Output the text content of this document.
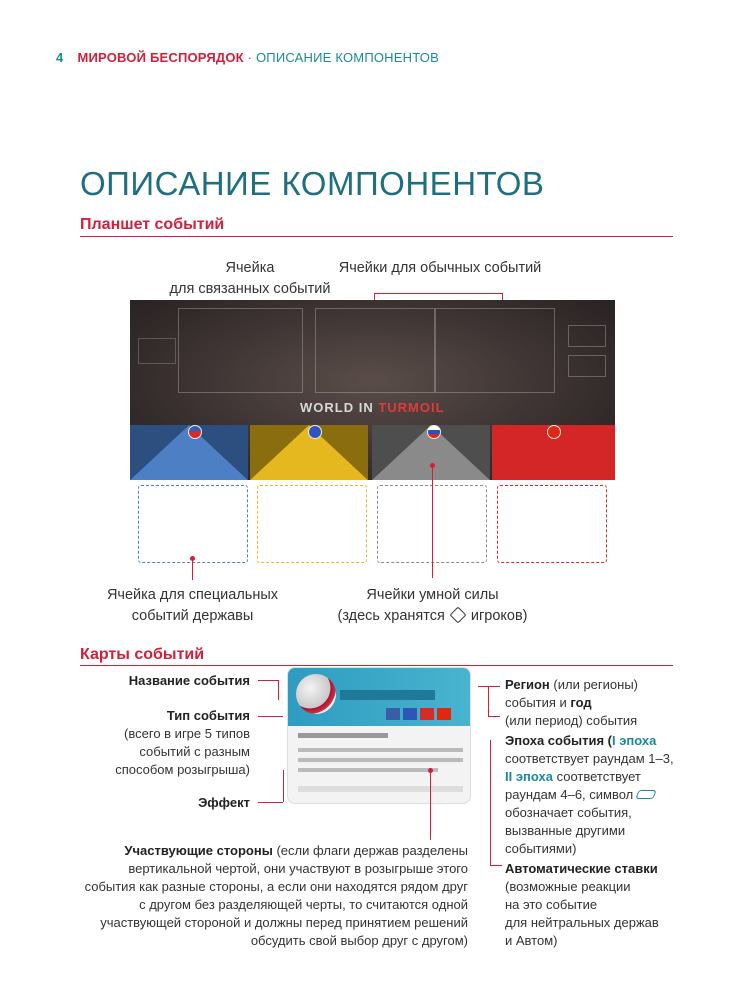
4 МИРОВОЙ БЕСПОРЯДОК · ОПИСАНИЕ КОМПОНЕНТОВ
ОПИСАНИЕ КОМПОНЕНТОВ
Планшет событий
Ячейка
для связанных событий
Ячейки для обычных событий
WORLD IN TURMOIL
Ячейка для специальных
событий державы
Ячейки умной силы
(здесь хранятся  игроков)
Карты событий
Название события
Тип события
(всего в игре 5 типов
событий с разным
способом розыгрыша)
Эффект
Участвующие стороны (если флаги держав разделены
вертикальной чертой, они участвуют в розыгрыше этого
события как разные стороны, а если они находятся рядом друг
с другом без разделяющей черты, то считаются одной
участвующей стороной и должны перед принятием решений
обсудить свой выбор друг с другом)
Регион (или регионы)
события и год
(или период) события
Эпоха события (I эпоха
соответствует раундам 1–3,
II эпоха соответствует
раундам 4–6, символ
обозначает события,
вызванные другими
событиями)
Автоматические ставки
(возможные реакции
на это событие
для нейтральных держав
и Автом)
